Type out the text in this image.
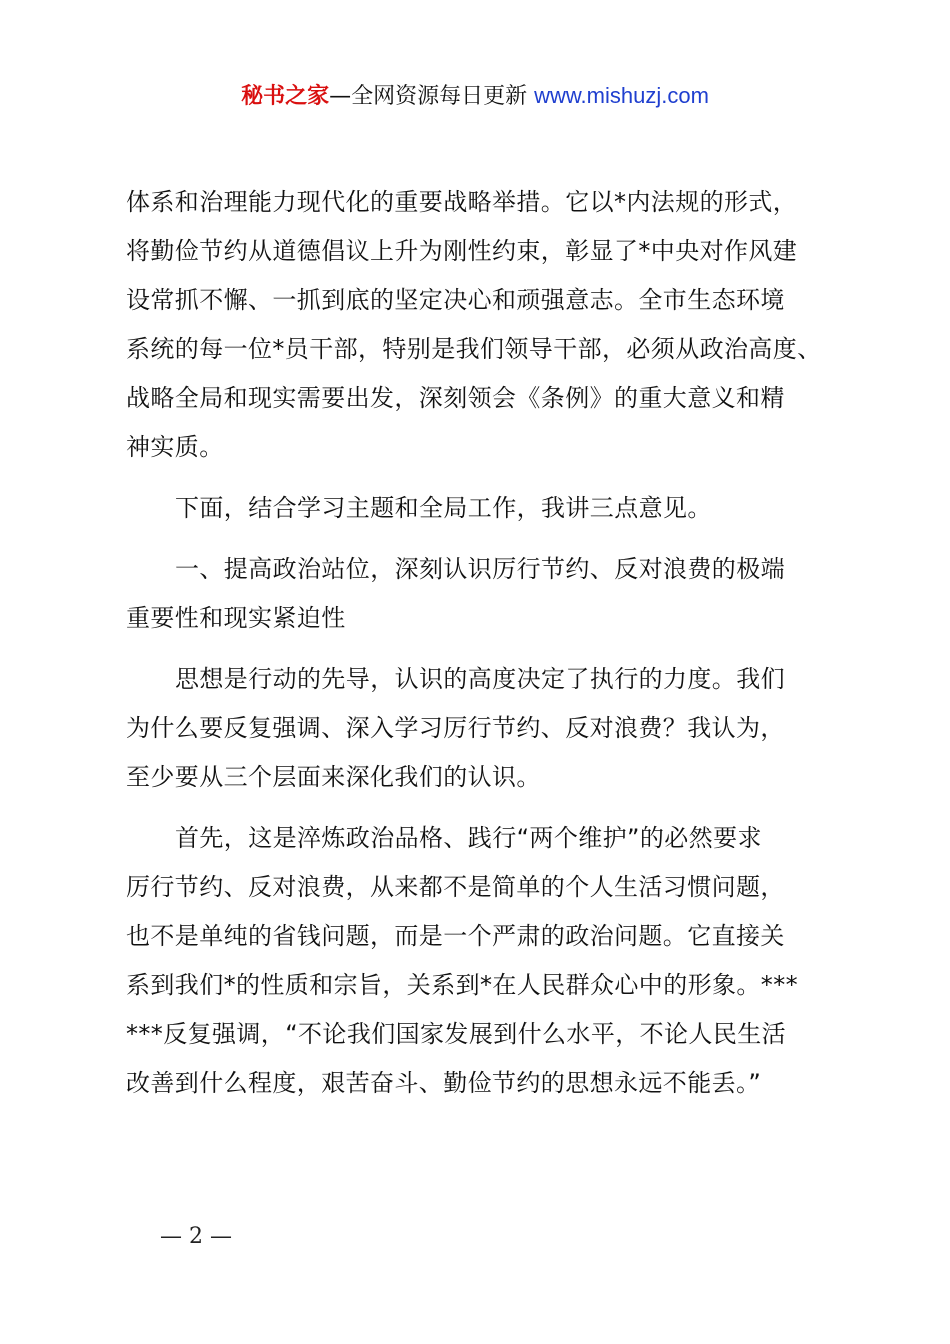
秘书之家—全网资源每日更新 www.mishuzj.com
体系和治理能力现代化的重要战略举措。它以*内法规的形式，
将勤俭节约从道德倡议上升为刚性约束，彰显了*中央对作风建
设常抓不懈、一抓到底的坚定决心和顽强意志。全市生态环境
系统的每一位*员干部，特别是我们领导干部，必须从政治高度、
战略全局和现实需要出发，深刻领会《条例》的重大意义和精
神实质。
下面，结合学习主题和全局工作，我讲三点意见。
一、提高政治站位，深刻认识厉行节约、反对浪费的极端
重要性和现实紧迫性
思想是行动的先导，认识的高度决定了执行的力度。我们
为什么要反复强调、深入学习厉行节约、反对浪费？我认为，
至少要从三个层面来深化我们的认识。
首先，这是淬炼政治品格、践行“两个维护”的必然要求
厉行节约、反对浪费，从来都不是简单的个人生活习惯问题，
也不是单纯的省钱问题，而是一个严肃的政治问题。它直接关
系到我们*的性质和宗旨，关系到*在人民群众心中的形象。***
***反复强调，“不论我们国家发展到什么水平，不论人民生活
改善到什么程度，艰苦奋斗、勤俭节约的思想永远不能丢。”
— 2 —
